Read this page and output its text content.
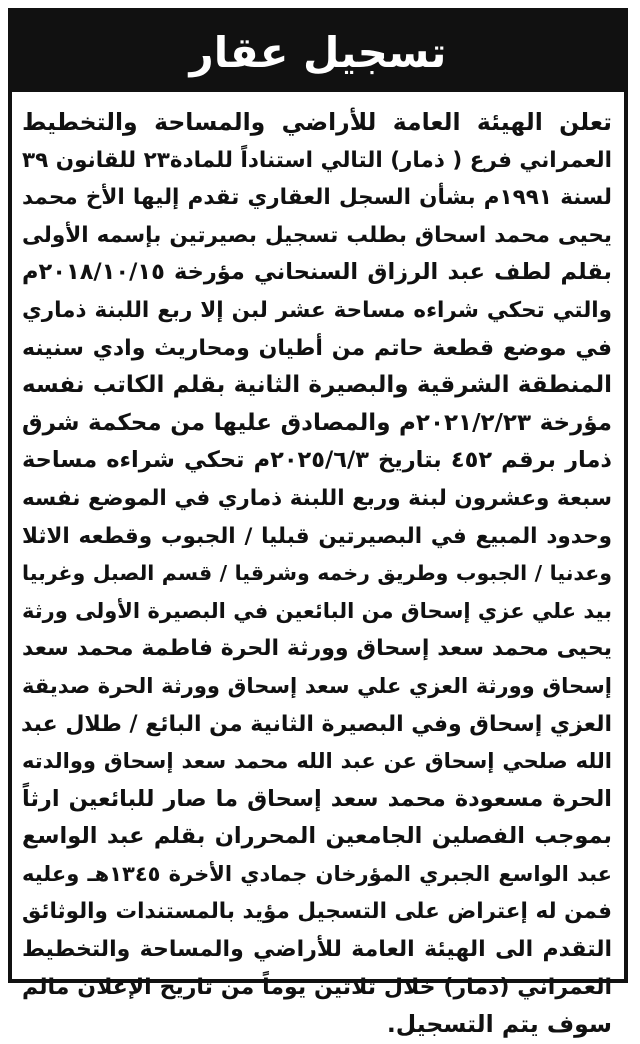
تسجيل عقار
تعلن الهيئة العامة للأراضي والمساحة والتخطيط
العمراني فرع ( ذمار) التالي استناداً للمادة٢٣ للقانون ٣٩
لسنة ١٩٩١م بشأن السجل العقاري تقدم إليها الأخ محمد
يحيى محمد اسحاق بطلب تسجيل بصيرتين بإسمه الأولى
بقلم لطف عبد الرزاق السنحاني مؤرخة ٢٠١٨/١٠/١٥م
والتي تحكي شراءه مساحة عشر لبن إلا ربع اللبنة ذماري
في موضع قطعة حاتم من أطيان ومحاريث وادي سنينه
المنطقة الشرقية والبصيرة الثانية بقلم الكاتب نفسه
مؤرخة ٢٠٢١/٢/٢٣م والمصادق عليها من محكمة شرق
ذمار برقم ٤٥٢ بتاريخ ٢٠٢٥/٦/٣م تحكي شراءه مساحة
سبعة وعشرون لبنة وربع اللبنة ذماري في الموضع نفسه
وحدود المبيع في البصيرتين قبليا / الجبوب وقطعه الاثلا
وعدنيا / الجبوب وطريق رخمه وشرقيا / قسم الصبل وغربيا
بيد علي عزي إسحاق من البائعين في البصيرة الأولى ورثة
يحيى محمد سعد إسحاق وورثة الحرة فاطمة محمد سعد
إسحاق وورثة العزي علي سعد إسحاق وورثة الحرة صديقة
العزي إسحاق وفي البصيرة الثانية من البائع / طلال عبد
الله صلحي إسحاق عن عبد الله محمد سعد إسحاق ووالدته
الحرة مسعودة محمد سعد إسحاق ما صار للبائعين ارثاً
بموجب الفصلين الجامعين المحرران بقلم عبد الواسع
عبد الواسع الجبري المؤرخان جمادي الأخرة ١٣٤٥هـ وعليه
فمن له إعتراض على التسجيل مؤيد بالمستندات والوثائق
التقدم الى الهيئة العامة للأراضي والمساحة والتخطيط
العمراني (ذمار) خلال ثلاثين يوماً من تاريخ الإعلان مالم
سوف يتم التسجيل.
